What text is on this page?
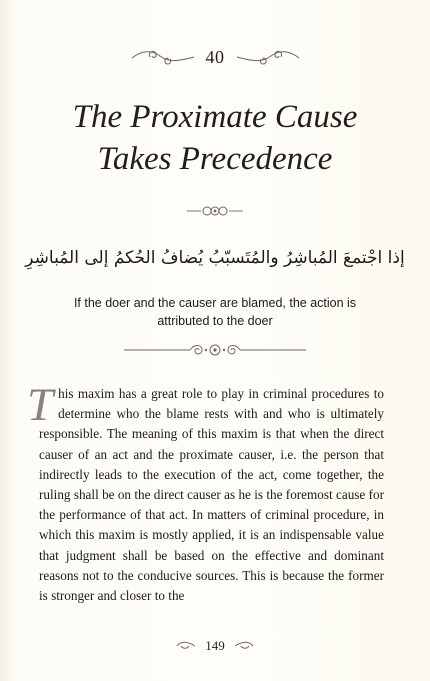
40
The Proximate Cause
Takes Precedence
إذا اجْتمعَ المُباشِرُ والمُتَسبّبُ يُضافُ الحُكمُ إلى المُباشِرِ
If the doer and the causer are blamed, the action is attributed to the doer
This maxim has a great role to play in criminal procedures to determine who the blame rests with and who is ultimately responsible. The meaning of this maxim is that when the direct causer of an act and the proximate causer, i.e. the person that indirectly leads to the execution of the act, come together, the ruling shall be on the direct causer as he is the foremost cause for the performance of that act. In matters of criminal procedure, in which this maxim is mostly applied, it is an indispensable value that judgment shall be based on the effective and dominant reasons not to the conducive sources. This is because the former is stronger and closer to the
149
